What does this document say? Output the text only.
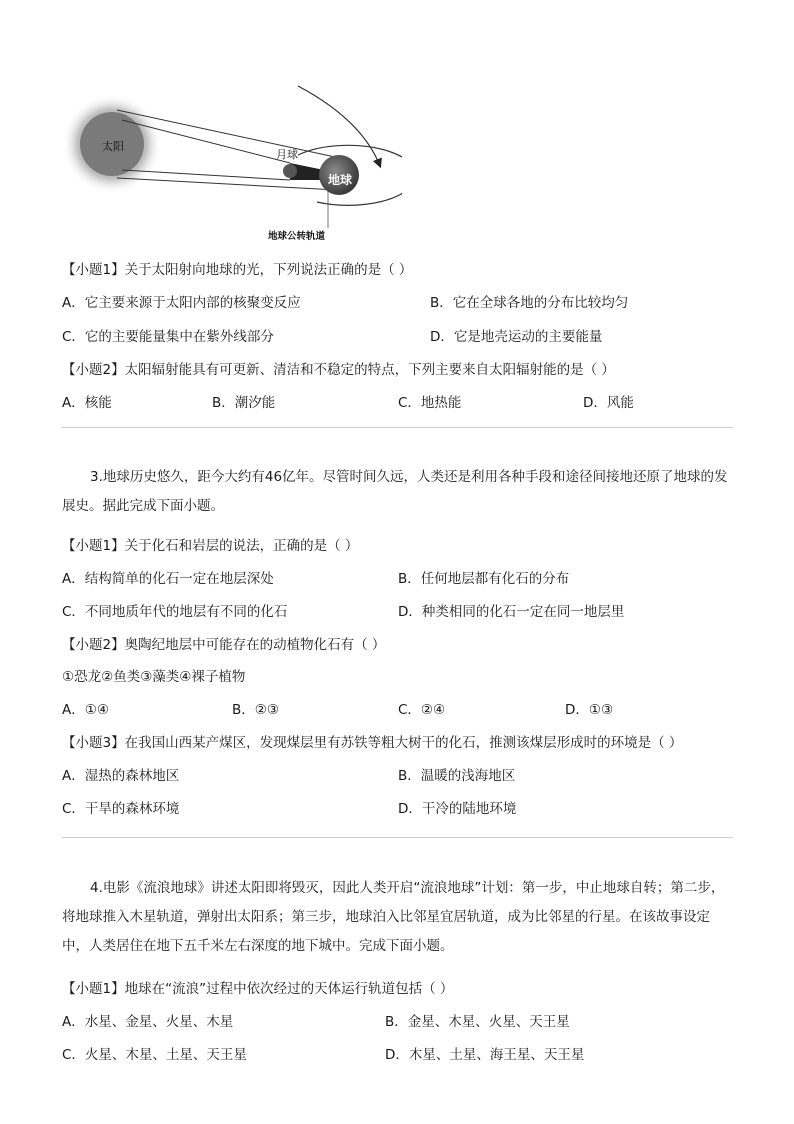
太阳
月球
地球
地球公转轨道
【小题1】关于太阳射向地球的光，下列说法正确的是（ ）
A．它主要来源于太阳内部的核聚变反应	B．它在全球各地的分布比较均匀
C．它的主要能量集中在紫外线部分	D．它是地壳运动的主要能量
【小题2】太阳辐射能具有可更新、清洁和不稳定的特点，下列主要来自太阳辐射能的是（ ）
A．核能	B．潮汐能	C．地热能	D．风能
3.地球历史悠久，距今大约有46亿年。尽管时间久远，人类还是利用各种手段和途径间接地还原了地球的发展史。据此完成下面小题。
【小题1】关于化石和岩层的说法，正确的是（ ）
A．结构简单的化石一定在地层深处	B．任何地层都有化石的分布
C．不同地质年代的地层有不同的化石	D．种类相同的化石一定在同一地层里
【小题2】奥陶纪地层中可能存在的动植物化石有（ ）
①恐龙②鱼类③藻类④裸子植物
A．①④	B．②③	C．②④	D．①③
【小题3】在我国山西某产煤区，发现煤层里有苏铁等粗大树干的化石，推测该煤层形成时的环境是（ ）
A．湿热的森林地区	B．温暖的浅海地区
C．干旱的森林环境	D．干冷的陆地环境
4.电影《流浪地球》讲述太阳即将毁灭，因此人类开启“流浪地球”计划：第一步，中止地球自转；第二步，将地球推入木星轨道，弹射出太阳系；第三步，地球泊入比邻星宜居轨道，成为比邻星的行星。在该故事设定中，人类居住在地下五千米左右深度的地下城中。完成下面小题。
【小题1】地球在“流浪”过程中依次经过的天体运行轨道包括（ ）
A．水星、金星、火星、木星	B．金星、木星、火星、天王星
C．火星、木星、土星、天王星	D．木星、土星、海王星、天王星
